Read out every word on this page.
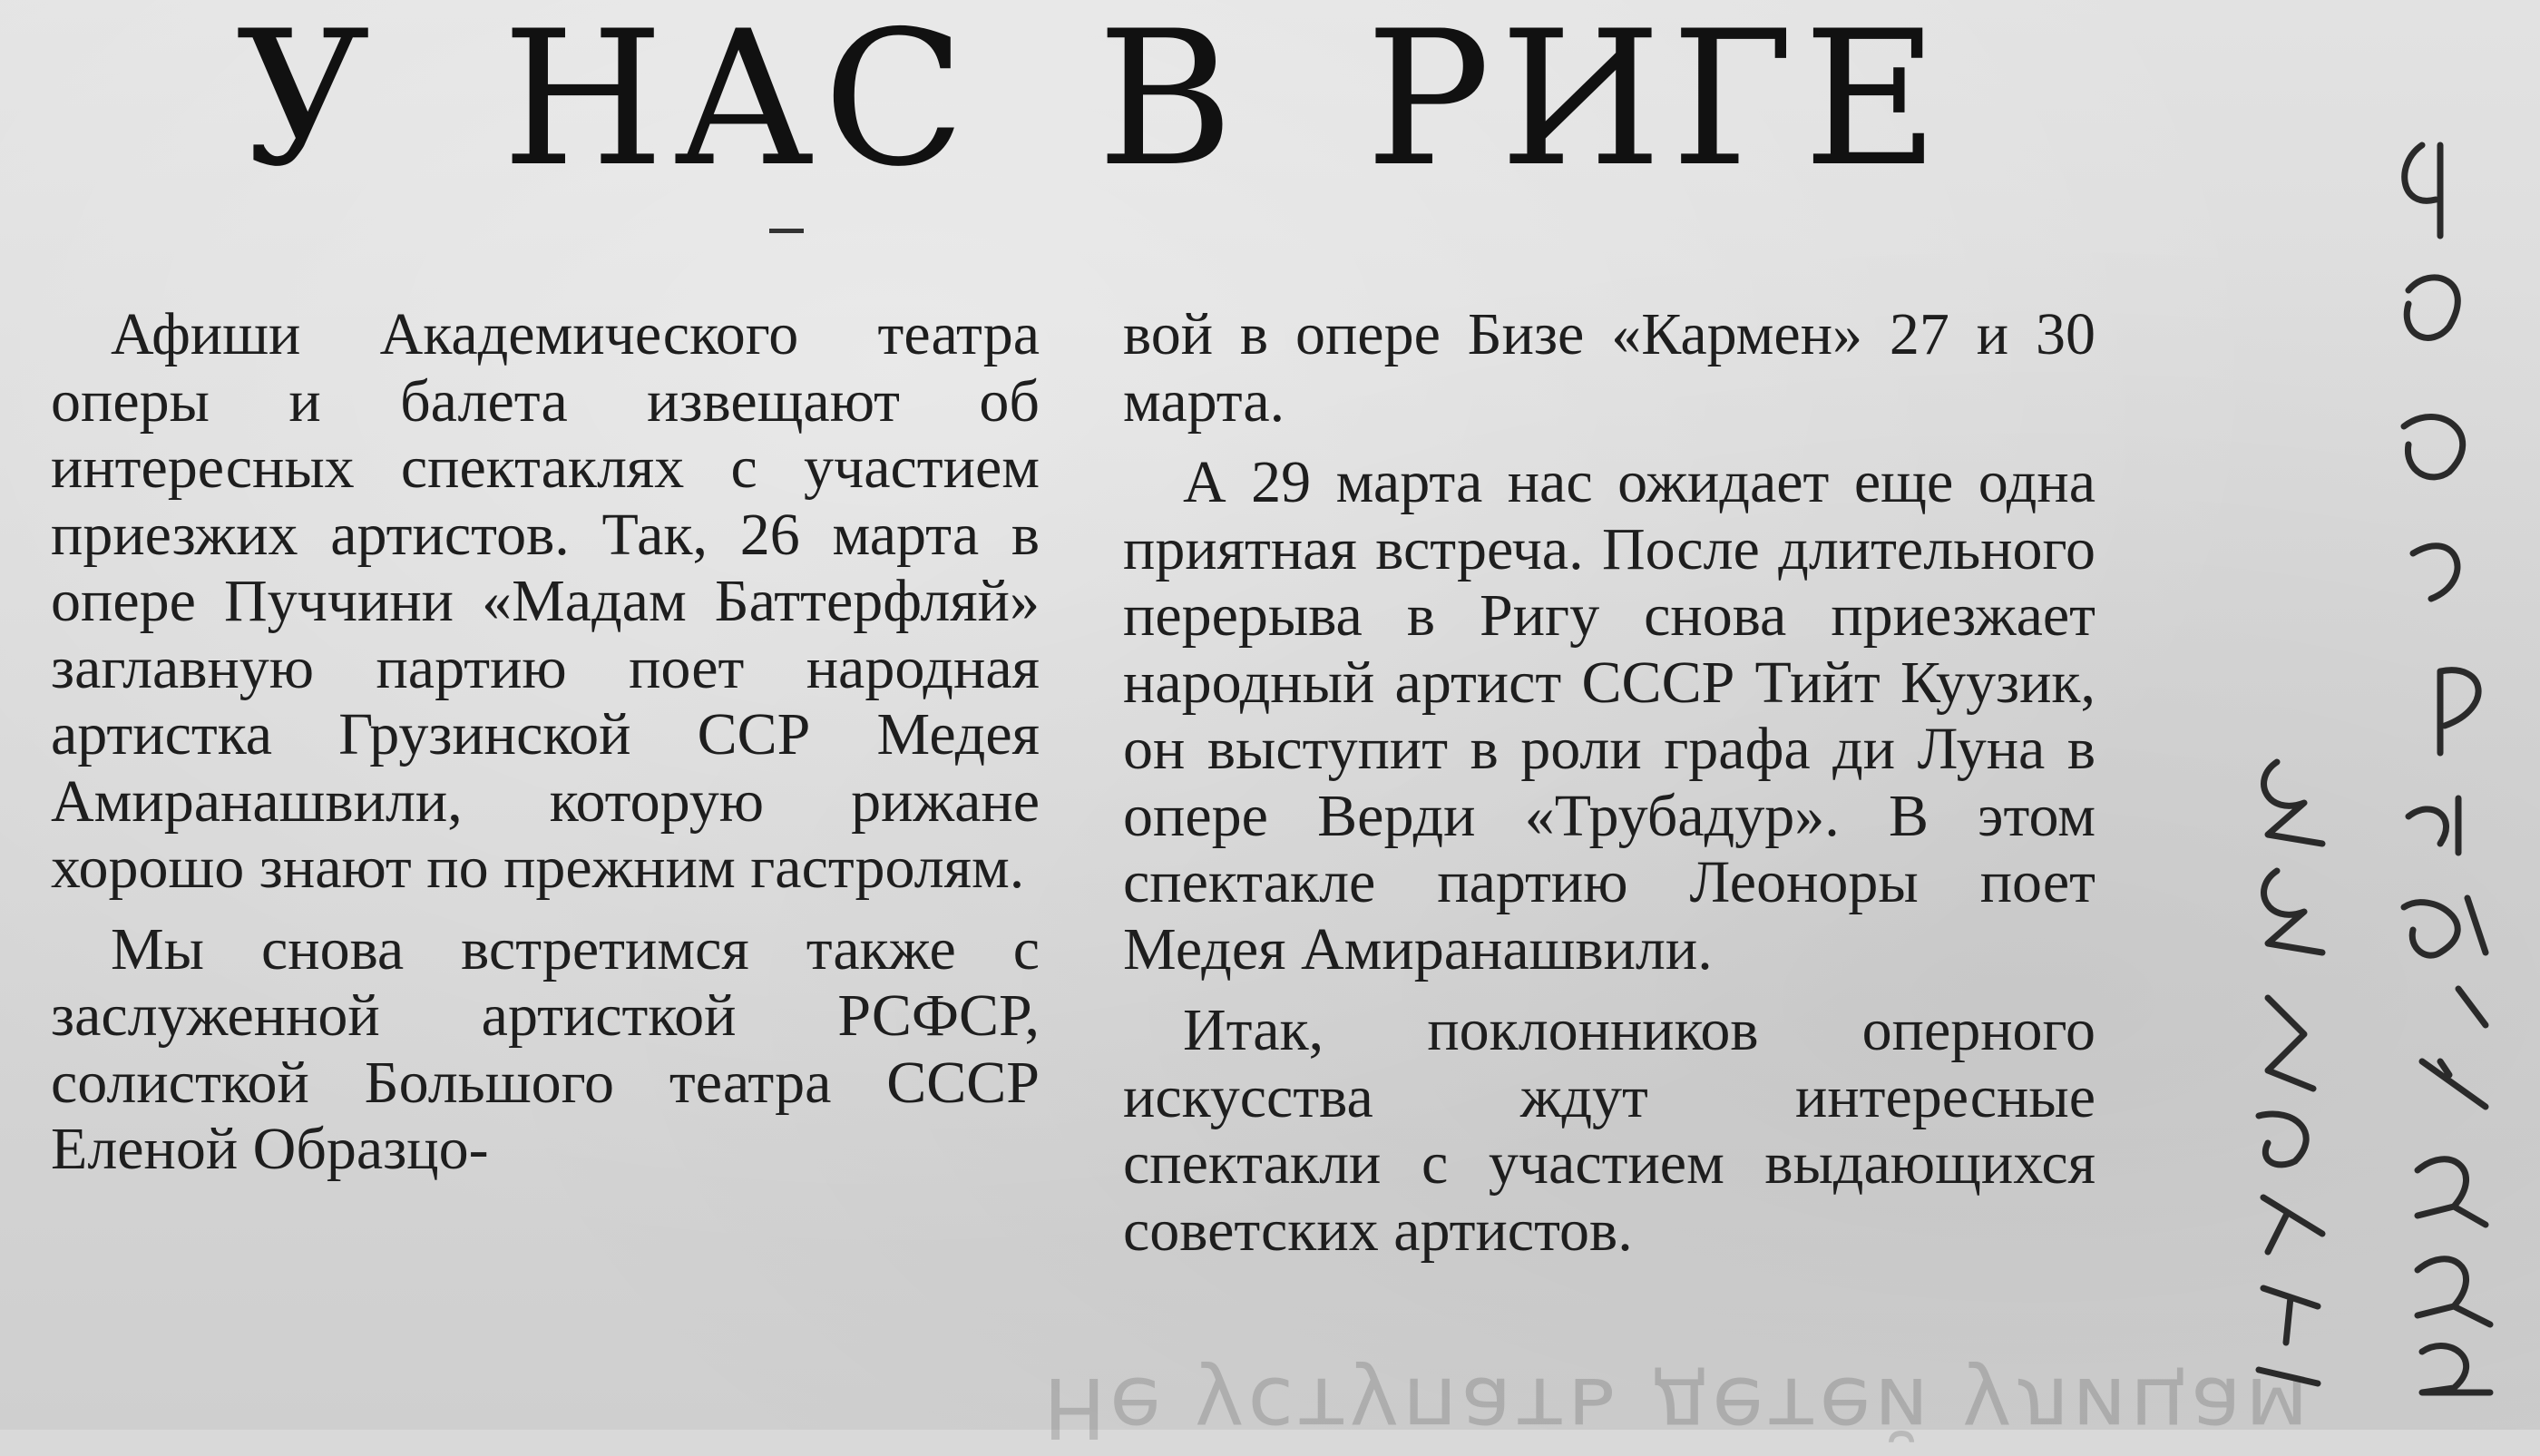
У НАС В РИГЕ

Афиши Академического театра оперы и балета извещают об интересных спектаклях с участием приезжих артистов. Так, 26 марта в опере Пуччини «Мадам Баттерфляй» заглавную партию поет народная артистка Грузинской ССР Медея Амиранашвили, которую рижане хорошо знают по прежним гастролям.

Мы снова встретимся также с заслуженной артисткой РСФСР, солисткой Большого театра СССР Еленой Образцо-

вой в опере Бизе «Кармен» 27 и 30 марта.

А 29 марта нас ожидает еще одна приятная встреча. После длительного перерыва в Ригу снова приезжает народный артист СССР Тийт Куузик, он выступит в роли графа ди Луна в опере Верди «Трубадур». В этом спектакле партию Леоноры поет Медея Амиранашвили.

Итак, поклонников оперного искусства ждут интересные спектакли с участием выдающихся советских артистов.

Не уступать детей улицам
